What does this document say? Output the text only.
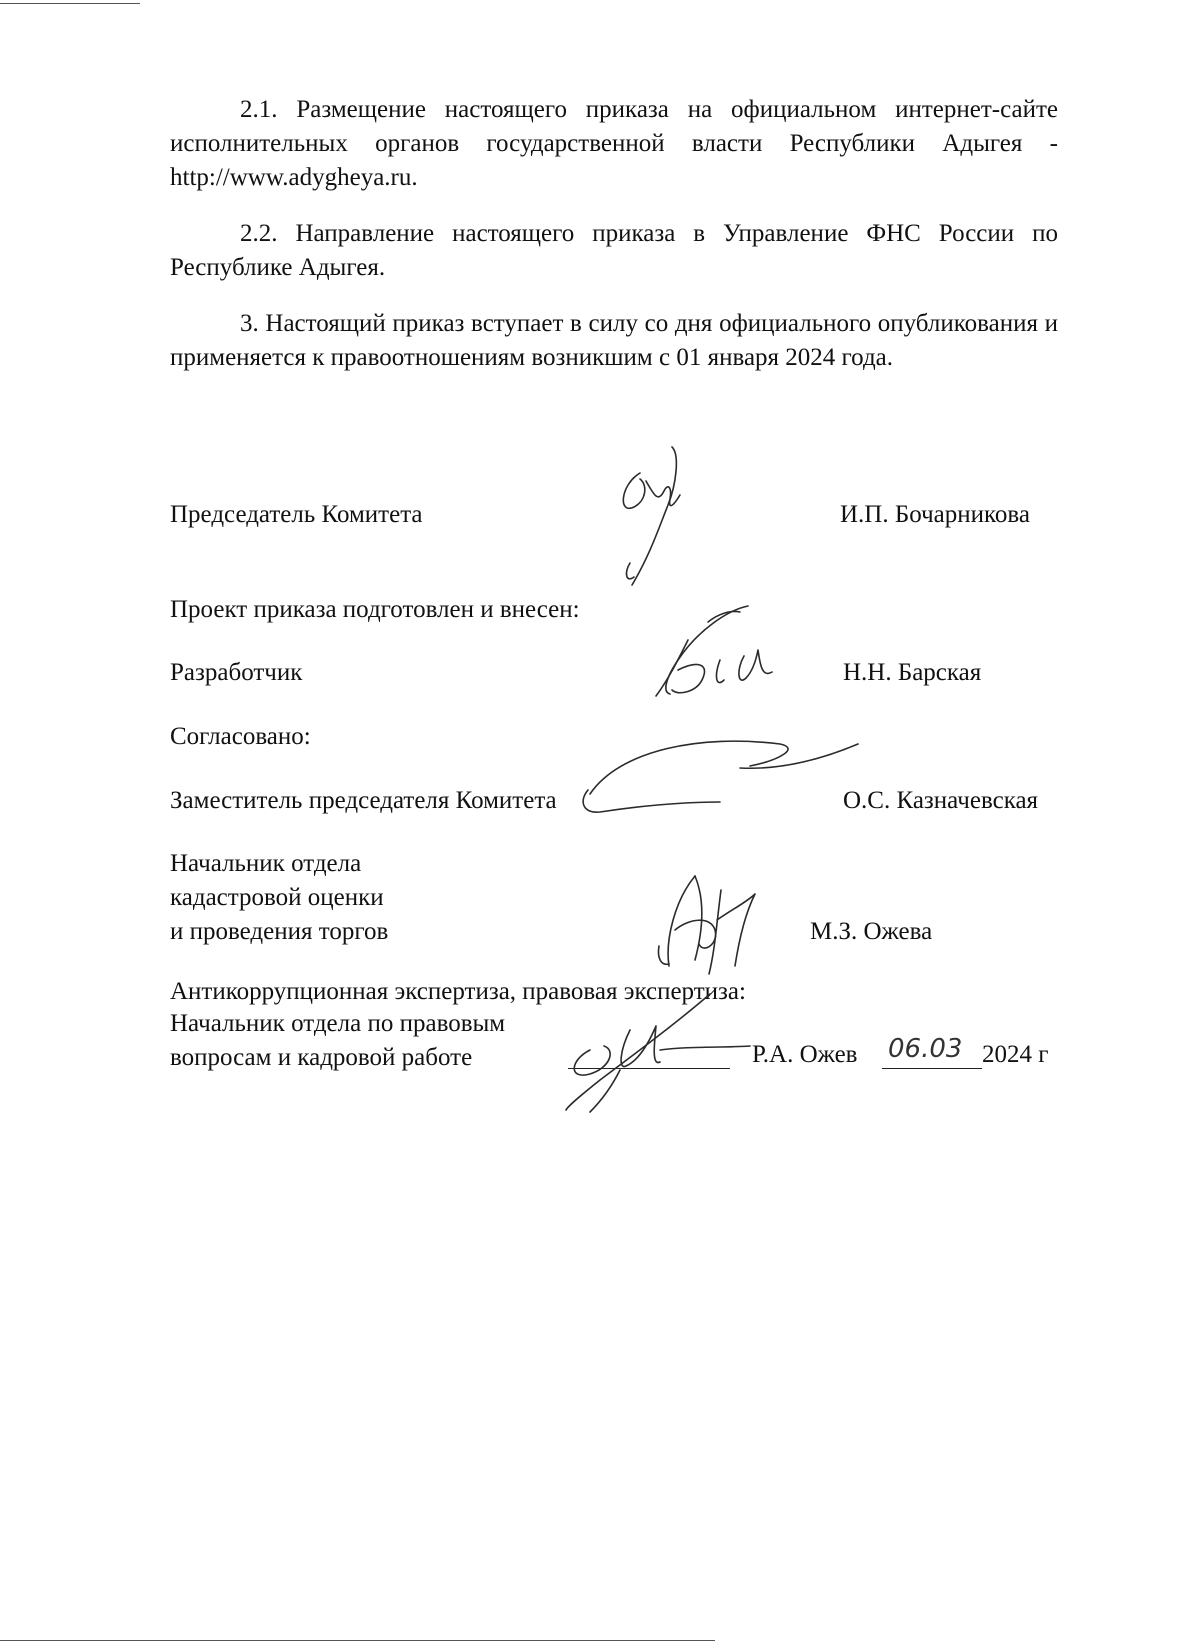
2.1. Размещение настоящего приказа на официальном интернет-сайте исполнительных органов государственной власти Республики Адыгея - http://www.adygheya.ru.

2.2. Направление настоящего приказа в Управление ФНС России по Республике Адыгея.

3. Настоящий приказ вступает в силу со дня официального опубликования и применяется к правоотношениям возникшим с 01 января 2024 года.

Председатель Комитета	И.П. Бочарникова
Проект приказа подготовлен и внесен:
Разработчик	Н.Н. Барская
Согласовано:
Заместитель председателя Комитета	О.С. Казначевская
Начальник отдела
кадастровой оценки
и проведения торгов	М.З. Ожева
Антикоррупционная экспертиза, правовая экспертиза:
Начальник отдела по правовым
вопросам и кадровой работе	Р.А. Ожев 06.03 2024 г
